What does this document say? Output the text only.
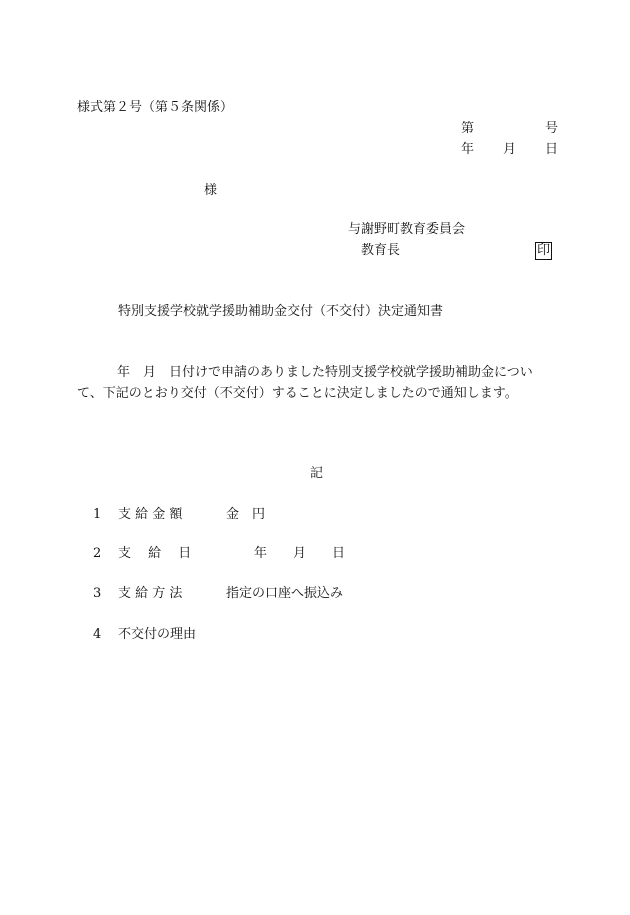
様式第２号（第５条関係）
第	号
年 月 日
様
与謝野町教育委員会
教育長	印
特別支援学校就学援助補助金交付（不交付）決定通知書
年　月　日付けで申請のありました特別支援学校就学援助補助金につい
て、下記のとおり交付（不交付）することに決定しましたので通知します。
記
1 支 給 金 額	金　円
2 支　 給　 日	年　　月　　日
3 支 給 方 法	指定の口座へ振込み
4 不交付の理由
